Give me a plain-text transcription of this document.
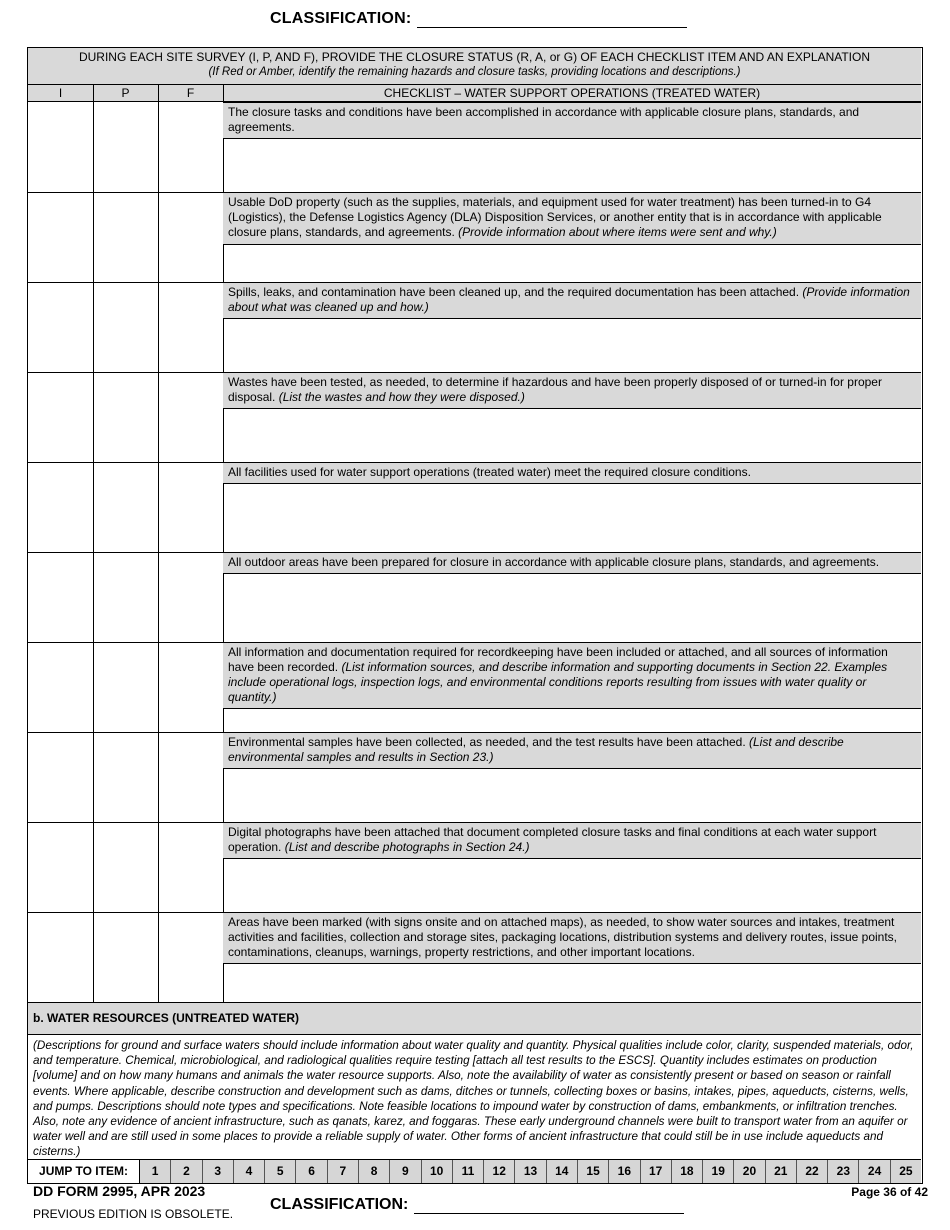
CLASSIFICATION:
DURING EACH SITE SURVEY (I, P, AND F), PROVIDE THE CLOSURE STATUS (R, A, or G) OF EACH CHECKLIST ITEM AND AN EXPLANATION
(If Red or Amber, identify the remaining hazards and closure tasks, providing locations and descriptions.)
I	P	F	CHECKLIST – WATER SUPPORT OPERATIONS (TREATED WATER)
The closure tasks and conditions have been accomplished in accordance with applicable closure plans, standards, and agreements.
Usable DoD property (such as the supplies, materials, and equipment used for water treatment) has been turned-in to G4 (Logistics), the Defense Logistics Agency (DLA) Disposition Services, or another entity that is in accordance with applicable closure plans, standards, and agreements. (Provide information about where items were sent and why.)
Spills, leaks, and contamination have been cleaned up, and the required documentation has been attached. (Provide information about what was cleaned up and how.)
Wastes have been tested, as needed, to determine if hazardous and have been properly disposed of or turned-in for proper disposal. (List the wastes and how they were disposed.)
All facilities used for water support operations (treated water) meet the required closure conditions.
All outdoor areas have been prepared for closure in accordance with applicable closure plans, standards, and agreements.
All information and documentation required for recordkeeping have been included or attached, and all sources of information have been recorded. (List information sources, and describe information and supporting documents in Section 22. Examples include operational logs, inspection logs, and environmental conditions reports resulting from issues with water quality or quantity.)
Environmental samples have been collected, as needed, and the test results have been attached. (List and describe environmental samples and results in Section 23.)
Digital photographs have been attached that document completed closure tasks and final conditions at each water support operation. (List and describe photographs in Section 24.)
Areas have been marked (with signs onsite and on attached maps), as needed, to show water sources and intakes, treatment activities and facilities, collection and storage sites, packaging locations, distribution systems and delivery routes, issue points, contaminations, cleanups, warnings, property restrictions, and other important locations.
b. WATER RESOURCES (UNTREATED WATER)
(Descriptions for ground and surface waters should include information about water quality and quantity. Physical qualities include color, clarity, suspended materials, odor, and temperature. Chemical, microbiological, and radiological qualities require testing [attach all test results to the ESCS]. Quantity includes estimates on production [volume] and on how many humans and animals the water resource supports. Also, note the availability of water as consistently present or based on season or rainfall events. Where applicable, describe construction and development such as dams, ditches or tunnels, collecting boxes or basins, intakes, pipes, aqueducts, cisterns, wells, and pumps. Descriptions should note types and specifications. Note feasible locations to impound water by construction of dams, embankments, or infiltration trenches. Also, note any evidence of ancient infrastructure, such as qanats, karez, and foggaras. These early underground channels were built to transport water from an aquifer or water well and are still used in some places to provide a reliable supply of water. Other forms of ancient infrastructure that could still be in use include aqueducts and cisterns.)
JUMP TO ITEM:	1	2	3	4	5	6	7	8	9	10	11	12	13	14	15	16	17	18	19	20	21	22	23	24	25
DD FORM 2995, APR 2023
PREVIOUS EDITION IS OBSOLETE.
CLASSIFICATION:
Page 36 of 42
